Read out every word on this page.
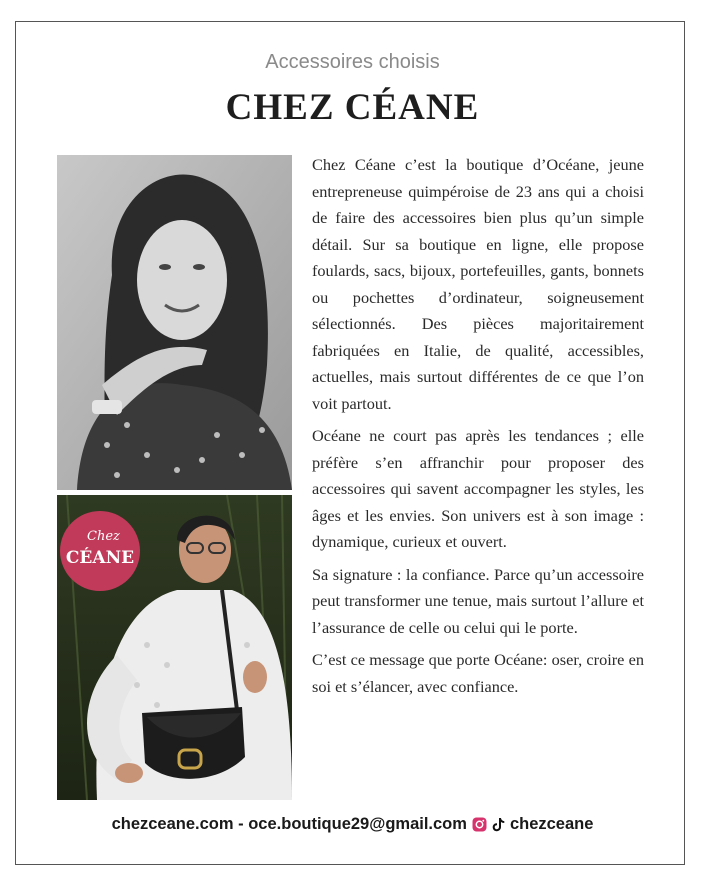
Accessoires choisis
CHEZ CÉANE
Chez
CÉANE

Chez Céane c’est la boutique d’Océane, jeune entrepreneuse quimpéroise de 23 ans qui a choisi de faire des accessoires bien plus qu’un simple détail. Sur sa boutique en ligne, elle propose foulards, sacs, bijoux, portefeuilles, gants, bonnets ou pochettes d’ordinateur, soigneusement sélectionnés. Des pièces majoritairement fabriquées en Italie, de qualité, accessibles, actuelles, mais surtout différentes de ce que l’on voit partout.

Océane ne court pas après les tendances ; elle préfère s’en affranchir pour proposer des accessoires qui savent accompagner les styles, les âges et les envies. Son univers est à son image : dynamique, curieux et ouvert.

Sa signature : la confiance. Parce qu’un accessoire peut transformer une tenue, mais surtout l’allure et l’assurance de celle ou celui qui le porte.

C’est ce message que porte Océane: oser, croire en soi et s’élancer, avec confiance.

chezceane.com - oce.boutique29@gmail.com	chezceane
